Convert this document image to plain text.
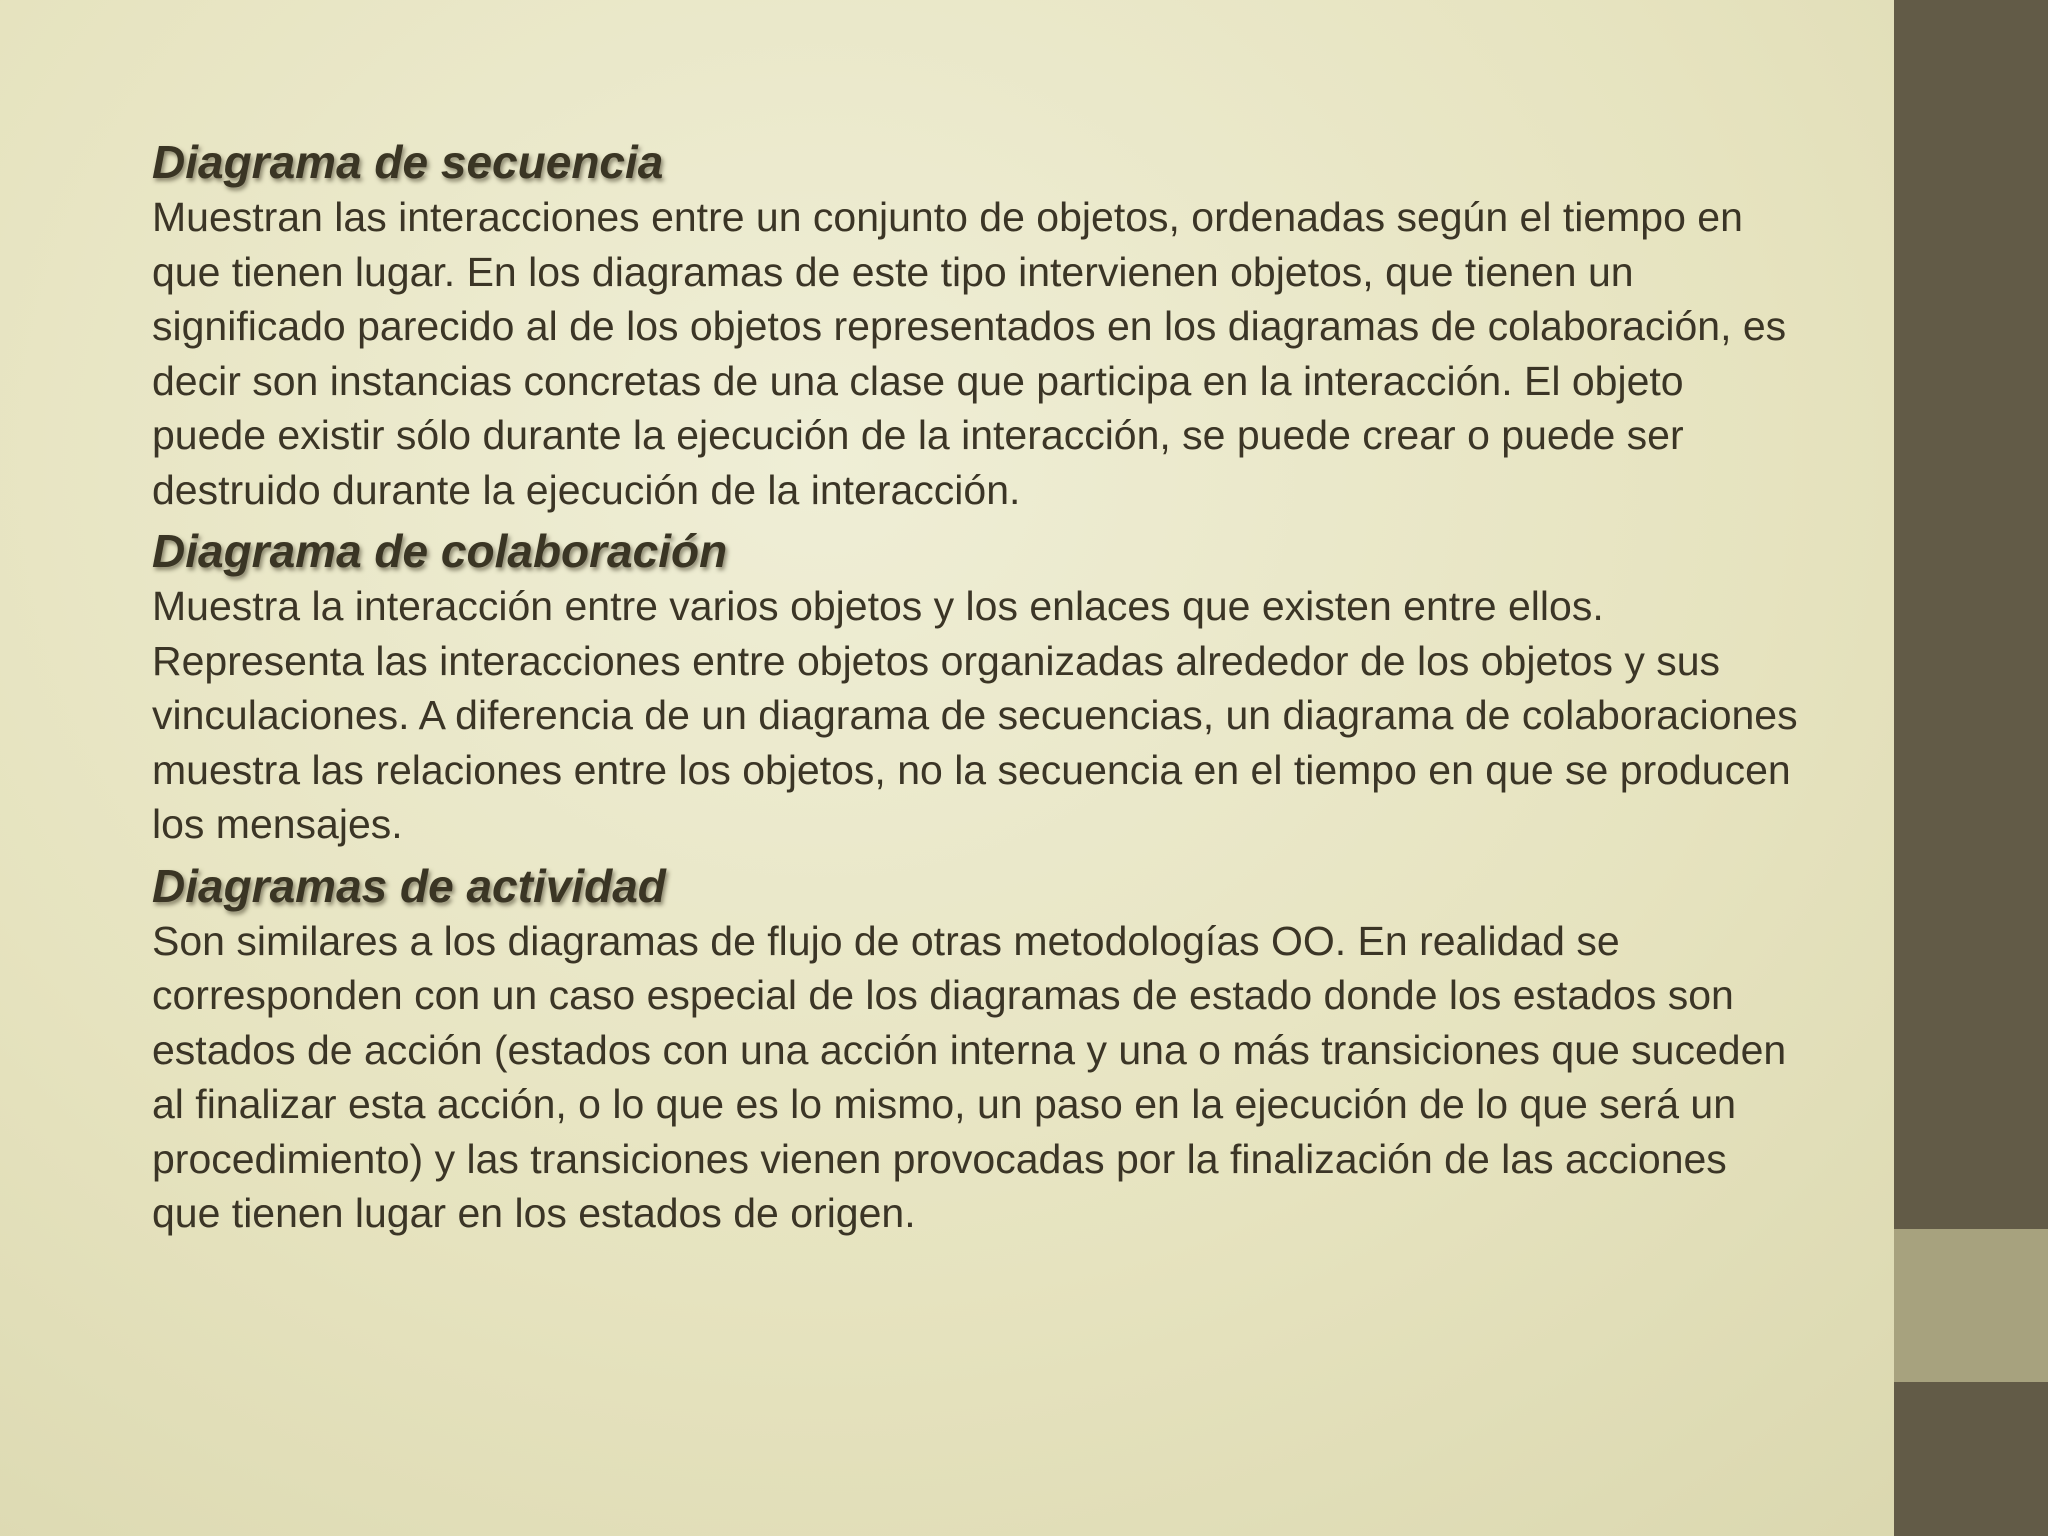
Diagrama de secuencia

Muestran las interacciones entre un conjunto de objetos, ordenadas según el tiempo en que tienen lugar. En los diagramas de este tipo intervienen objetos, que tienen un significado parecido al de los objetos representados en los diagramas de colaboración, es decir son instancias concretas de una clase que participa en la interacción. El objeto puede existir sólo durante la ejecución de la interacción, se puede crear o puede ser destruido durante la ejecución de la interacción.

Diagrama de colaboración

Muestra la interacción entre varios objetos y los enlaces que existen entre ellos. Representa las interacciones entre objetos organizadas alrededor de los objetos y sus vinculaciones. A diferencia de un diagrama de secuencias, un diagrama de colaboraciones muestra las relaciones entre los objetos, no la secuencia en el tiempo en que se producen los mensajes.

Diagramas de actividad

Son similares a los diagramas de flujo de otras metodologías OO. En realidad se corresponden con un caso especial de los diagramas de estado donde los estados son estados de acción (estados con una acción interna y una o más transiciones que suceden al finalizar esta acción, o lo que es lo mismo, un paso en la ejecución de lo que será un procedimiento) y las transiciones vienen provocadas por la finalización de las acciones que tienen lugar en los estados de origen.
